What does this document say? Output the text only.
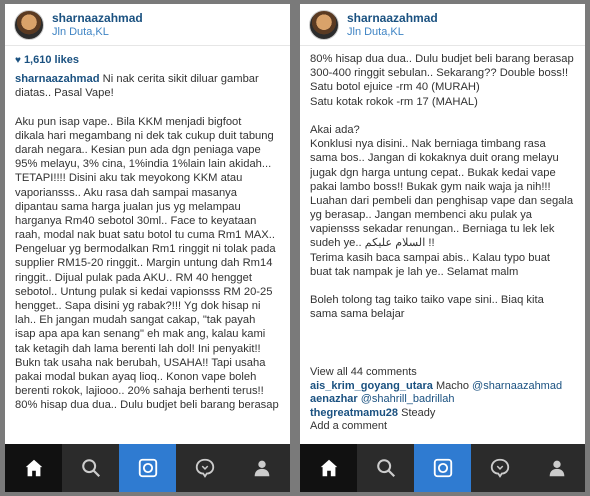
sharnaazahmad
Jln Duta,KL
♥ 1,610 likes
sharnaazahmad Ni nak cerita sikit diluar gambar
diatas.. Pasal Vape!
Aku pun isap vape.. Bila KKM menjadi bigfoot
dikala hari megambang ni dek tak cukup duit tabung
darah negara.. Kesian pun ada dgn peniaga vape
95% melayu, 3% cina, 1%india 1%lain lain akidah...
TETAPI!!!! Disini aku tak meyokong KKM atau
vaporiansss.. Aku rasa dah sampai masanya
dipantau sama harga jualan jus yg melampau
harganya Rm40 sebotol 30ml.. Face to keyataan
raah, modal nak buat satu botol tu cuma Rm1 MAX..
Pengeluar yg bermodalkan Rm1 ringgit ni tolak pada
supplier RM15-20 ringgit.. Margin untung dah Rm14
ringgit.. Dijual pulak pada AKU.. RM 40 hengget
sebotol.. Untung pulak si kedai vapionsss RM 20-25
hengget.. Sapa disini yg rabak?!!! Yg dok hisap ni
lah.. Eh jangan mudah sangat cakap, "tak payah
isap apa apa kan senang" eh mak ang, kalau kami
tak ketagih dah lama berenti lah dol! Ini penyakit!!
Bukn tak usaha nak berubah, USAHA!! Tapi usaha
pakai modal bukan ayaq lioq.. Konon vape boleh
berenti rokok, lajiooo.. 20% sahaja berhenti terus!!
80% hisap dua dua.. Dulu budjet beli barang berasap
sharnaazahmad
Jln Duta,KL
80% hisap dua dua.. Dulu budjet beli barang berasap
300-400 ringgit sebulan.. Sekarang?? Double boss!!
Satu botol ejuice -rm 40 (MURAH)
Satu kotak rokok -rm 17 (MAHAL)
Akai ada?
Konklusi nya disini.. Nak berniaga timbang rasa
sama bos.. Jangan di kokaknya duit orang melayu
jugak dgn harga untung cepat.. Bukak kedai vape
pakai lambo boss!! Bukak gym naik waja ja nih!!!
Luahan dari pembeli dan penghisap vape dan segala
yg berasap.. Jangan membenci aku pulak ya
vapiensss sekadar renungan.. Berniaga tu lek lek
sudeh ye.. السلام عليكم !!
Terima kasih baca sampai abis.. Kalau typo buat
buat tak nampak je lah ye.. Selamat malm
Boleh tolong tag taiko taiko vape sini.. Biaq kita
sama sama belajar
View all 44 comments
ais_krim_goyang_utara Macho @sharnaazahmad
aenazhar @shahrill_badrillah
thegreatmamu28 Steady
Add a comment
